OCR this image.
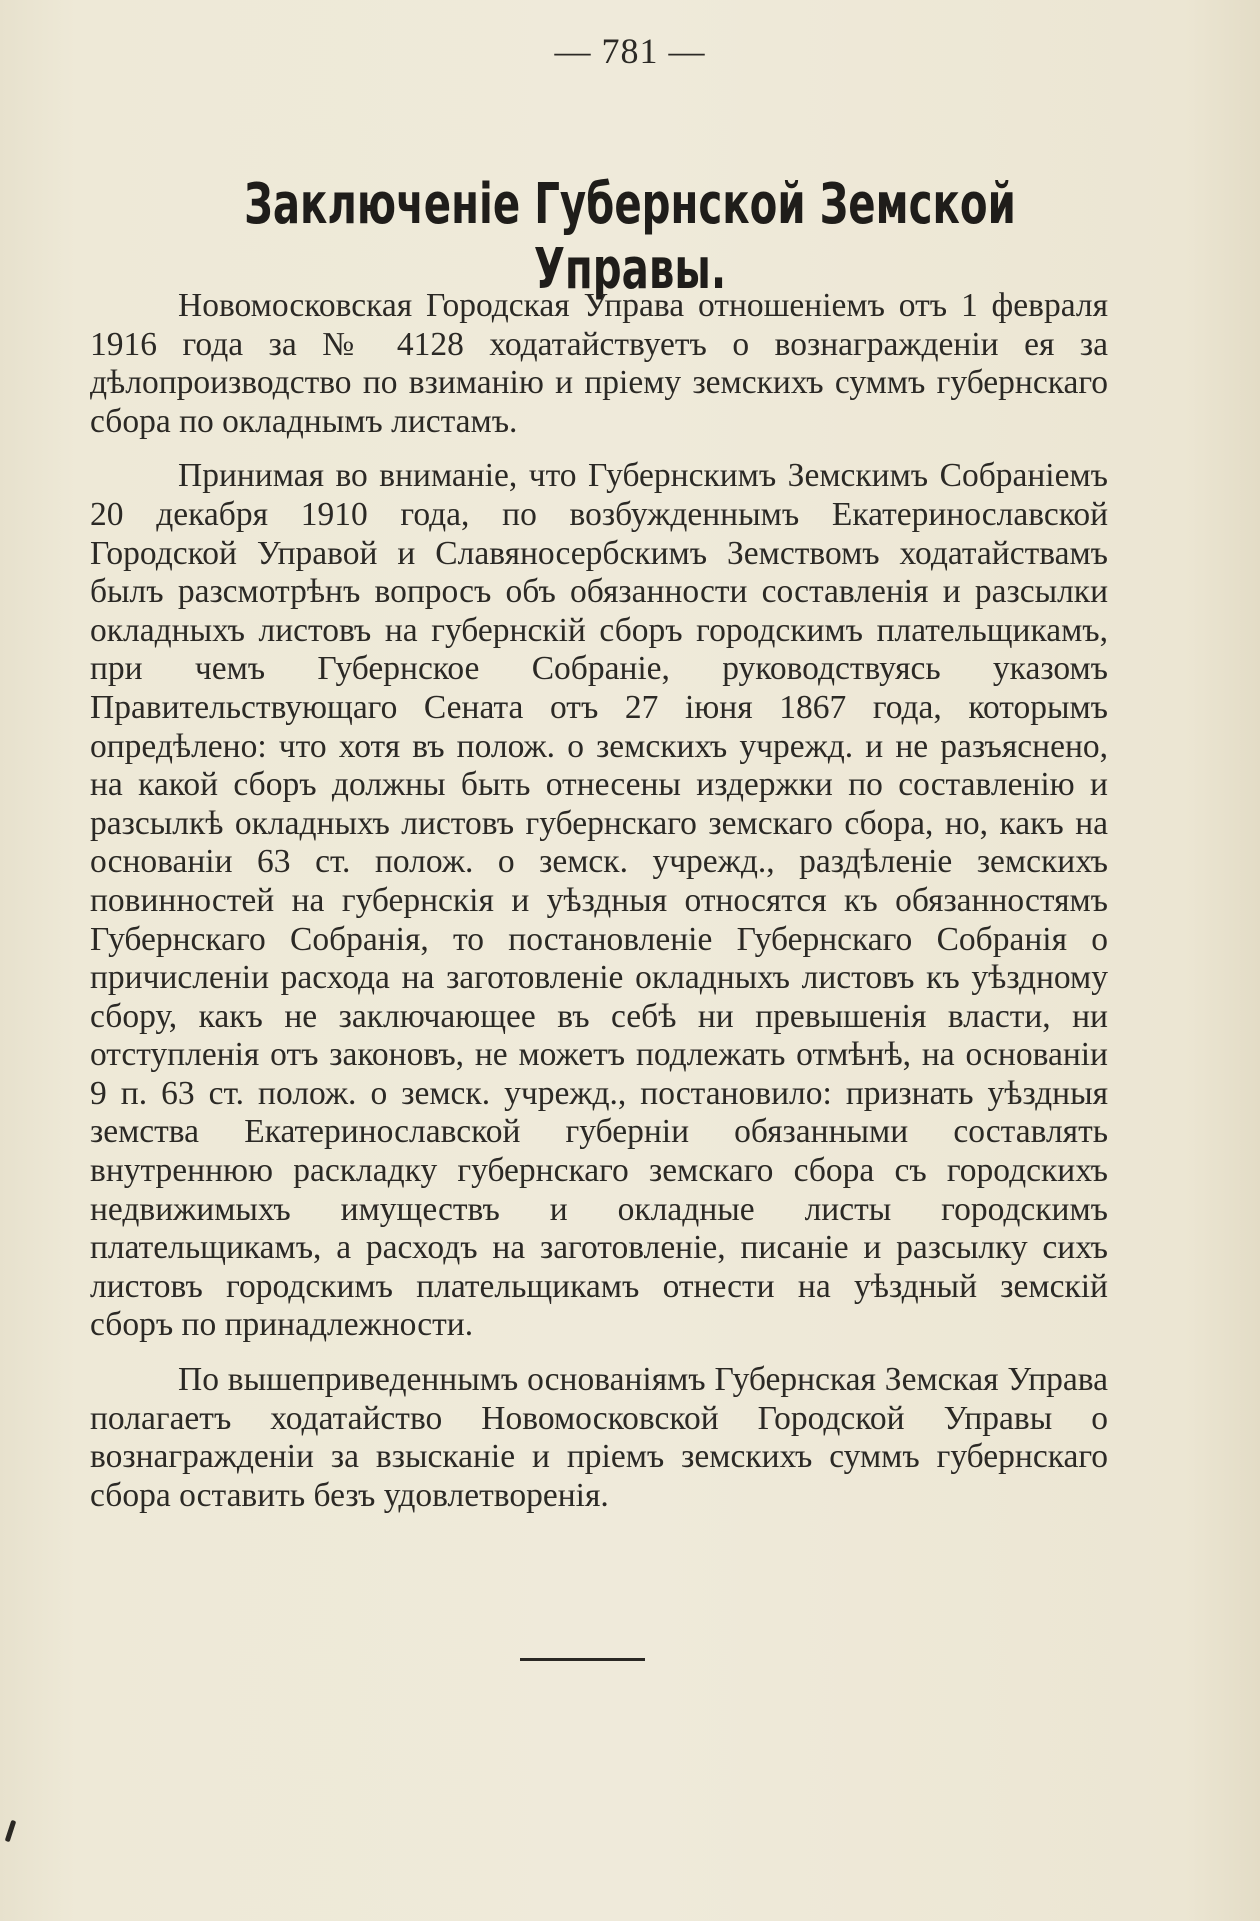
— 781 —
Заключеніе Губернской Земской Управы.

Новомосковская Городская Управа отношеніемъ отъ 1 февраля 1916 года за № 4128 ходатайствуетъ о вознагражденіи ея за дѣлопроизводство по взиманію и пріему земскихъ суммъ губернскаго сбора по окладнымъ листамъ.

Принимая во вниманіе, что Губернскимъ Земскимъ Собраніемъ 20 декабря 1910 года, по возбужденнымъ Екатеринославской Городской Управой и Славяносербскимъ Земствомъ ходатайствамъ былъ разсмотрѣнъ вопросъ объ обязанности составленія и разсылки окладныхъ листовъ на губернскій сборъ городскимъ плательщикамъ, при чемъ Губернское Собраніе, руководствуясь указомъ Правительствующаго Сената отъ 27 іюня 1867 года, которымъ опредѣлено: что хотя въ полож. о земскихъ учрежд. и не разъяснено, на какой сборъ должны быть отнесены издержки по составленію и разсылкѣ окладныхъ листовъ губернскаго земскаго сбора, но, какъ на основаніи 63 ст. полож. о земск. учрежд., раздѣленіе земскихъ повинностей на губернскія и уѣздныя относятся къ обязанностямъ Губернскаго Собранія, то постановленіе Губернскаго Собранія о причисленіи расхода на заготовленіе окладныхъ листовъ къ уѣздному сбору, какъ не заключающее въ себѣ ни превышенія власти, ни отступленія отъ законовъ, не можетъ подлежать отмѣнѣ, на основаніи 9 п. 63 ст. полож. о земск. учрежд., постановило: признать уѣздныя земства Екатеринославской губерніи обязанными составлять внутреннюю раскладку губернскаго земскаго сбора съ городскихъ недвижимыхъ имуществъ и окладные листы городскимъ плательщикамъ, а расходъ на заготовленіе, писаніе и разсылку сихъ листовъ городскимъ плательщикамъ отнести на уѣздный земскій сборъ по принадлежности.

По вышеприведеннымъ основаніямъ Губернская Земская Управа полагаетъ ходатайство Новомосковской Городской Управы о вознагражденіи за взысканіе и пріемъ земскихъ суммъ губернскаго сбора оставить безъ удовлетворенія.
